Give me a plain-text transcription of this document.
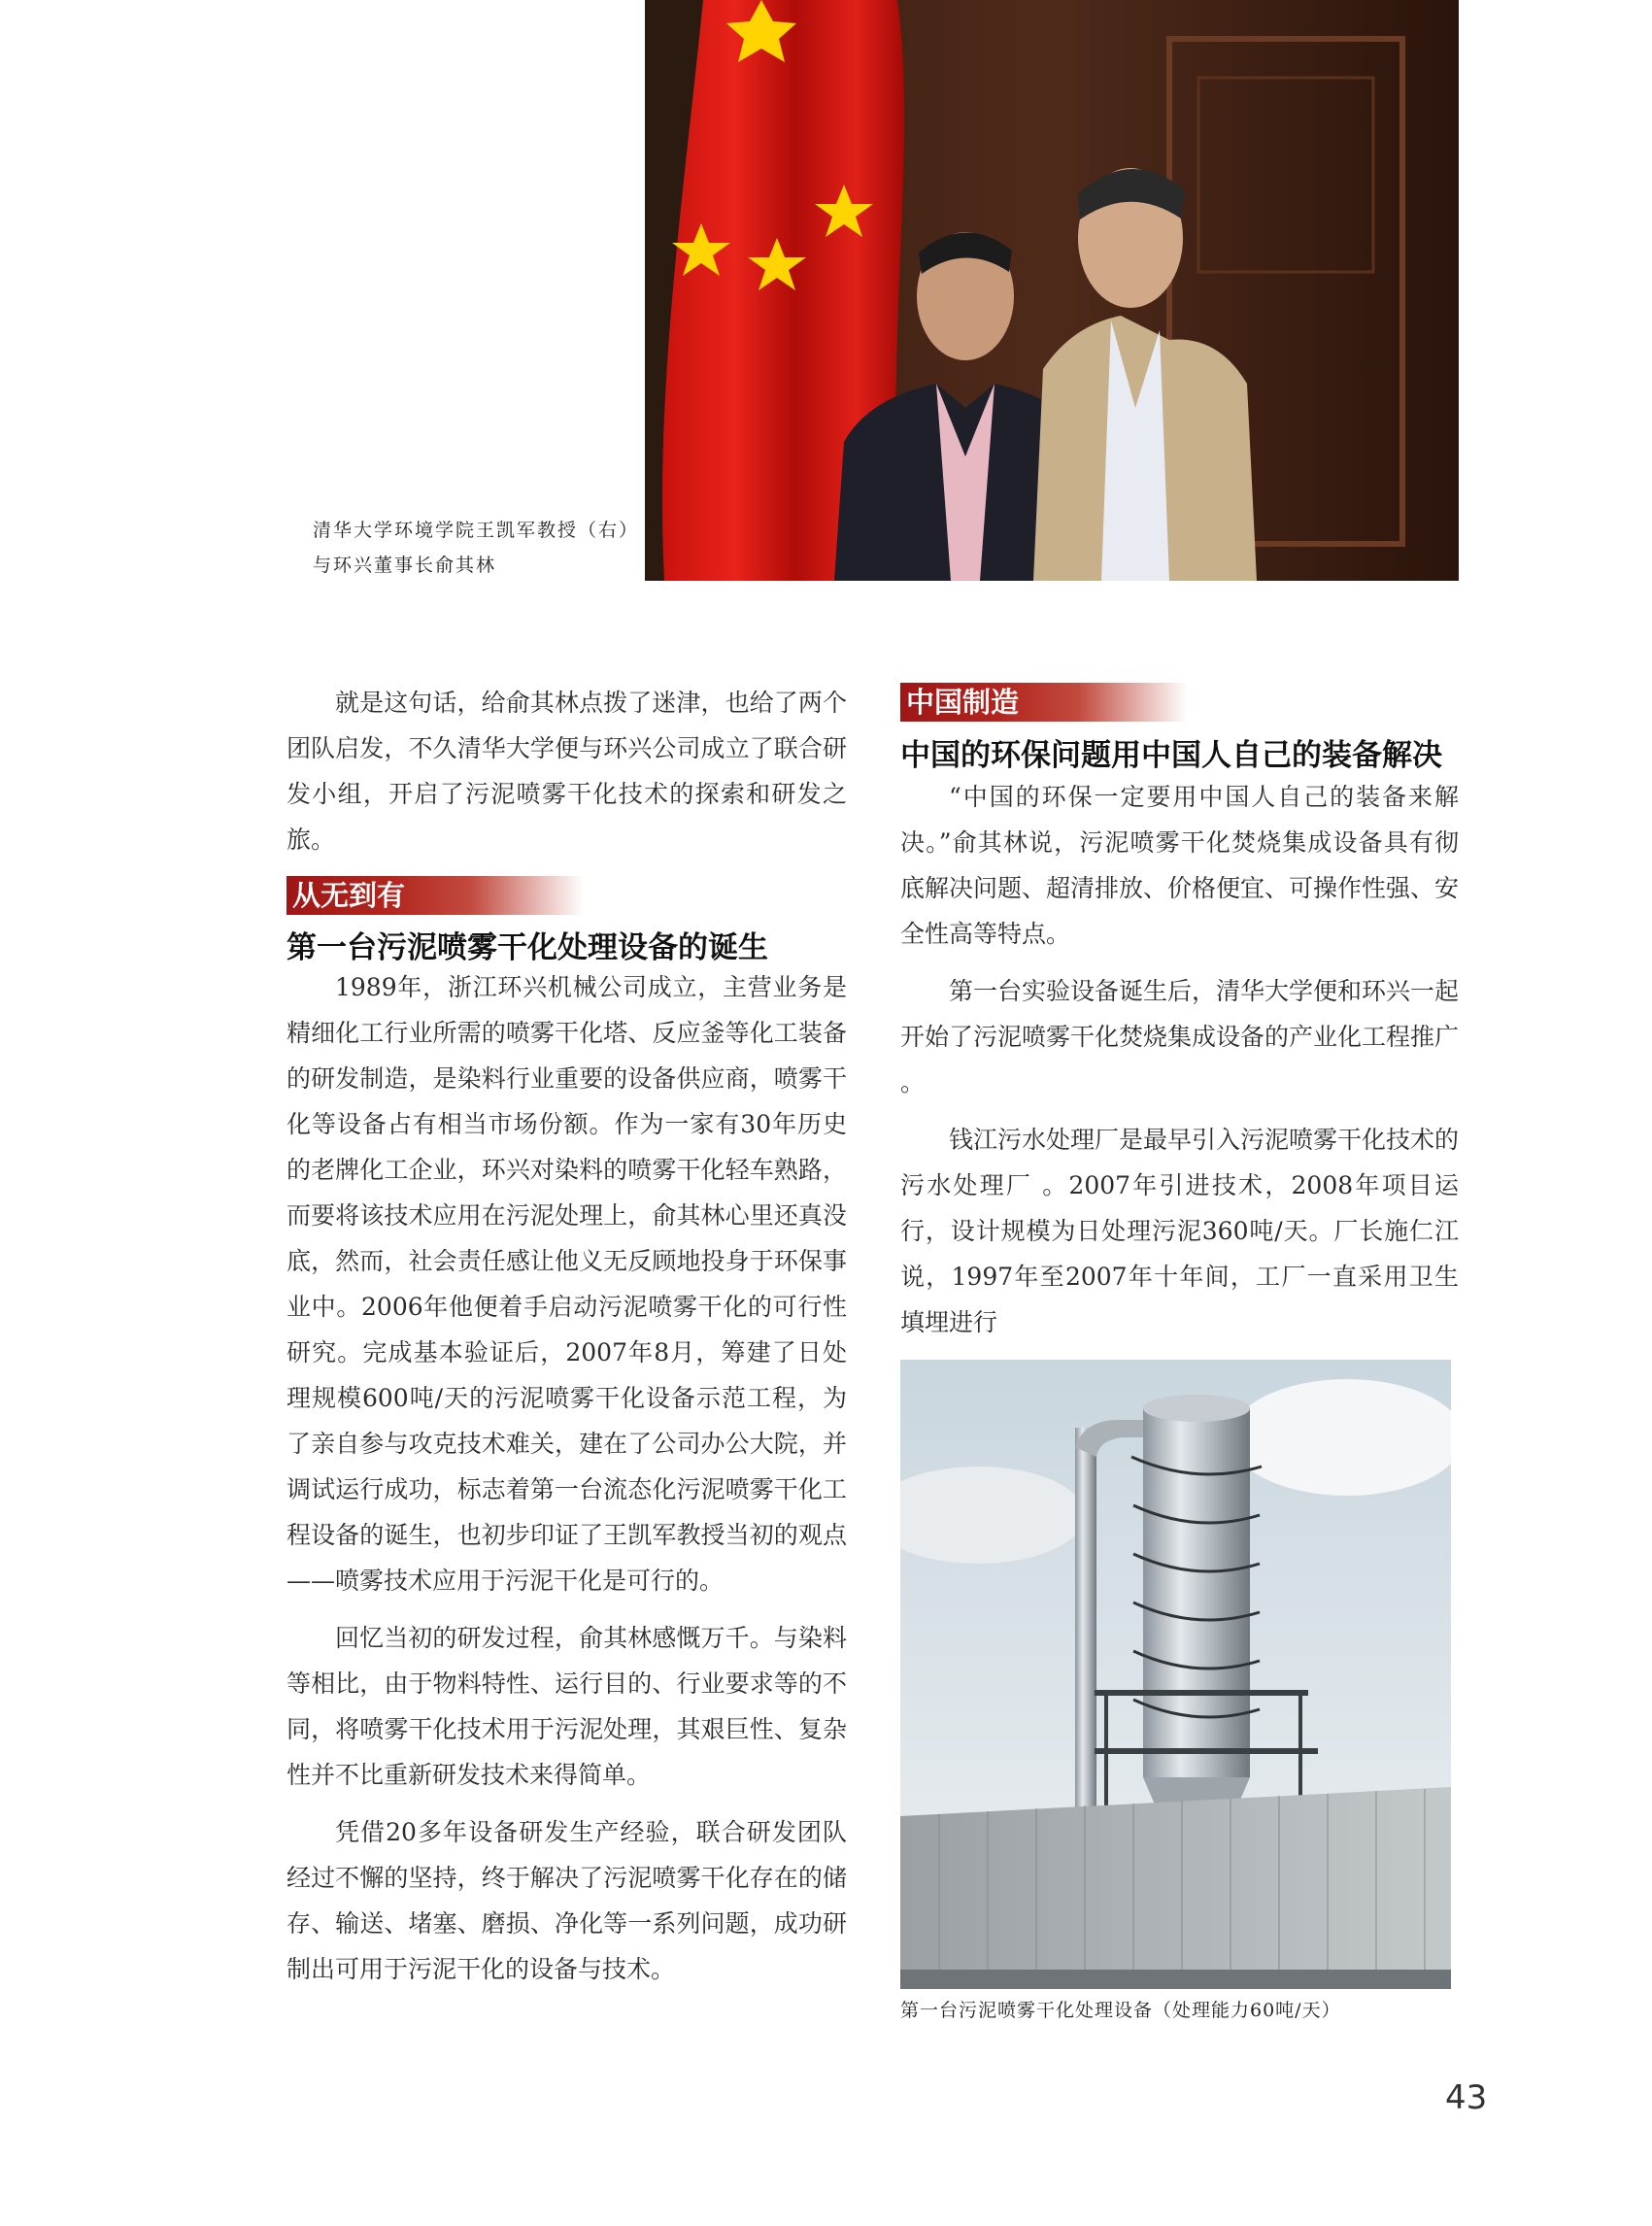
清华大学环境学院王凯军教授（右）
与环兴董事长俞其林

就是这句话，给俞其林点拨了迷津，也给了两个团队启发，不久清华大学便与环兴公司成立了联合研发小组，开启了污泥喷雾干化技术的探索和研发之旅。

从无到有
第一台污泥喷雾干化处理设备的诞生

1989年，浙江环兴机械公司成立，主营业务是精细化工行业所需的喷雾干化塔、反应釜等化工装备的研发制造，是染料行业重要的设备供应商，喷雾干化等设备占有相当市场份额。作为一家有30年历史的老牌化工企业，环兴对染料的喷雾干化轻车熟路，而要将该技术应用在污泥处理上，俞其林心里还真没底，然而，社会责任感让他义无反顾地投身于环保事业中。2006年他便着手启动污泥喷雾干化的可行性研究。完成基本验证后，2007年8月，筹建了日处理规模600吨/天的污泥喷雾干化设备示范工程，为了亲自参与攻克技术难关，建在了公司办公大院，并调试运行成功，标志着第一台流态化污泥喷雾干化工程设备的诞生，也初步印证了王凯军教授当初的观点——喷雾技术应用于污泥干化是可行的。

回忆当初的研发过程，俞其林感慨万千。与染料等相比，由于物料特性、运行目的、行业要求等的不同，将喷雾干化技术用于污泥处理，其艰巨性、复杂性并不比重新研发技术来得简单。

凭借20多年设备研发生产经验，联合研发团队经过不懈的坚持，终于解决了污泥喷雾干化存在的储存、输送、堵塞、磨损、净化等一系列问题，成功研制出可用于污泥干化的设备与技术。

中国制造
中国的环保问题用中国人自己的装备解决

“中国的环保一定要用中国人自己的装备来解决。”俞其林说，污泥喷雾干化焚烧集成设备具有彻底解决问题、超清排放、价格便宜、可操作性强、安全性高等特点。

第一台实验设备诞生后，清华大学便和环兴一起开始了污泥喷雾干化焚烧集成设备的产业化工程推广 。

钱江污水处理厂是最早引入污泥喷雾干化技术的污水处理厂 。2007年引进技术，2008年项目运行，设计规模为日处理污泥360吨/天。厂长施仁江说，1997年至2007年十年间，工厂一直采用卫生填埋进行

第一台污泥喷雾干化处理设备（处理能力60吨/天）
43
